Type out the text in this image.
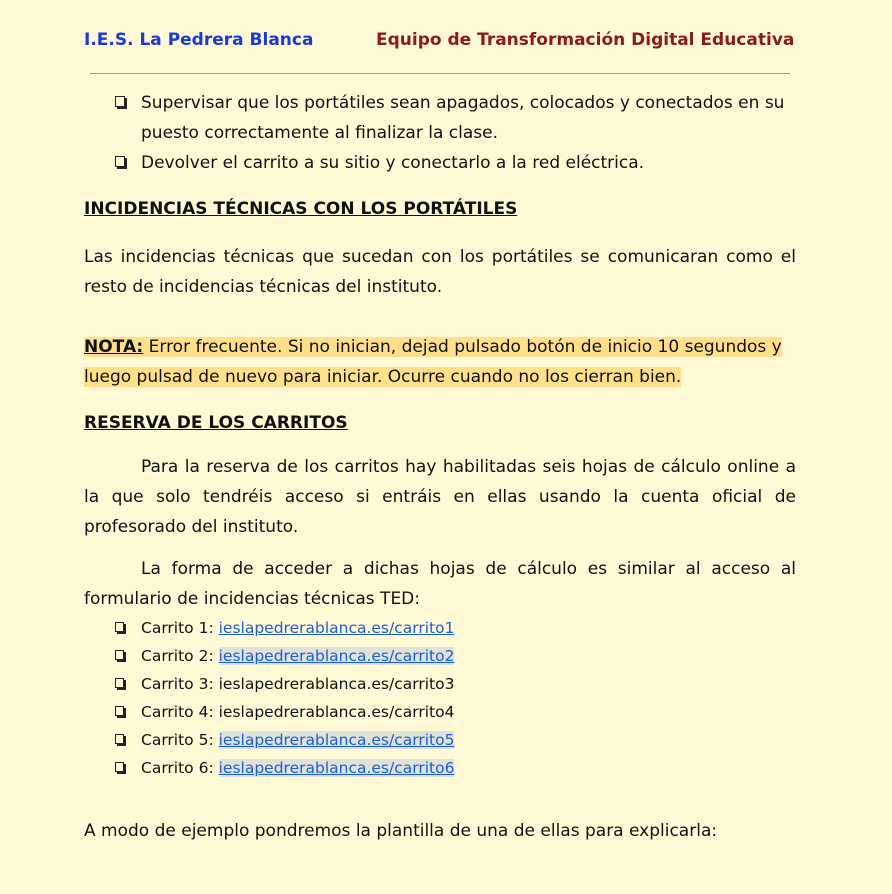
I.E.S. La Pedrera Blanca	Equipo de Transformación Digital Educativa
Supervisar que los portátiles sean apagados, colocados y conectados en su puesto correctamente al finalizar la clase.
Devolver el carrito a su sitio y conectarlo a la red eléctrica.
INCIDENCIAS TÉCNICAS CON LOS PORTÁTILES

Las incidencias técnicas que sucedan con los portátiles se comunicaran como el resto de incidencias técnicas del instituto.

NOTA: Error frecuente. Si no inician, dejad pulsado botón de inicio 10 segundos y luego pulsad de nuevo para iniciar. Ocurre cuando no los cierran bien.

RESERVA DE LOS CARRITOS

Para la reserva de los carritos hay habilitadas seis hojas de cálculo online a la que solo tendréis acceso si entráis en ellas usando la cuenta oficial de profesorado del instituto.

La forma de acceder a dichas hojas de cálculo es similar al acceso al formulario de incidencias técnicas TED:

Carrito 1: ieslapedrerablanca.es/carrito1
Carrito 2: ieslapedrerablanca.es/carrito2
Carrito 3: ieslapedrerablanca.es/carrito3
Carrito 4: ieslapedrerablanca.es/carrito4
Carrito 5: ieslapedrerablanca.es/carrito5
Carrito 6: ieslapedrerablanca.es/carrito6

A modo de ejemplo pondremos la plantilla de una de ellas para explicarla:
